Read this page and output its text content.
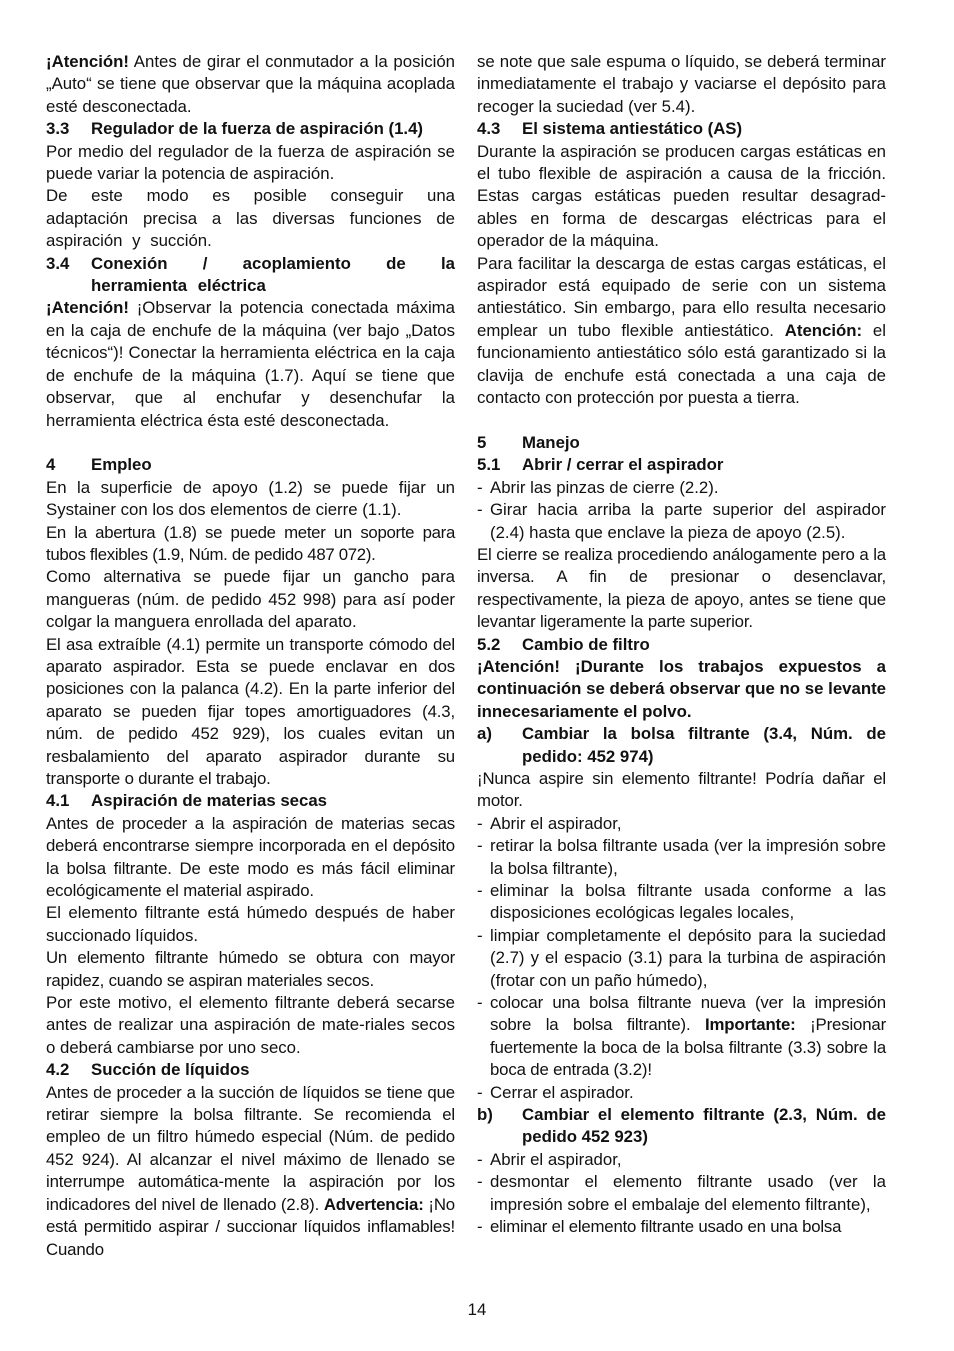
¡Atención! Antes de girar el conmutador a la posición „Auto“ se tiene que observar que la máquina acoplada esté desconectada.

3.3	Regulador de la fuerza de aspiración (1.4)

Por medio del regulador de la fuerza de aspiración se puede variar la potencia de aspiración.

De este modo es posible conseguir una adaptación precisa a las diversas funciones de aspiración y succión.

3.4	Conexión / acoplamiento de la herramienta eléctrica

¡Atención! ¡Observar la potencia conectada máxima en la caja de enchufe de la máquina (ver bajo „Datos técnicos“)! Conectar la herramienta eléctrica en la caja de enchufe de la máquina (1.7). Aquí se tiene que observar, que al enchufar y desenchufar la herramienta eléctrica ésta esté desconectada.

4	Empleo

En la superficie de apoyo (1.2) se puede fijar un Systainer con los dos elementos de cierre (1.1).

En la abertura (1.8) se puede meter un soporte para tubos flexibles (1.9, Núm. de pedido 487 072).

Como alternativa se puede fijar un gancho para mangueras (núm. de pedido 452 998) para así poder colgar la manguera enrollada del aparato.

El asa extraíble (4.1) permite un transporte cómodo del aparato aspirador. Esta se puede enclavar en dos posiciones con la palanca (4.2). En la parte inferior del aparato se pueden fijar topes amortiguadores (4.3, núm. de pedido 452 929), los cuales evitan un resbalamiento del aparato aspirador durante su transporte o durante el trabajo.

4.1	Aspiración de materias secas

Antes de proceder a la aspiración de materias secas deberá encontrarse siempre incorporada en el depósito la bolsa filtrante. De este modo es más fácil eliminar ecológicamente el material aspirado.

El elemento filtrante está húmedo después de haber succionado líquidos.

Un elemento filtrante húmedo se obtura con mayor rapidez, cuando se aspiran materiales secos.

Por este motivo, el elemento filtrante deberá secarse antes de realizar una aspiración de mate-riales secos o deberá cambiarse por uno seco.

4.2	Succión de líquidos

Antes de proceder a la succión de líquidos se tiene que retirar siempre la bolsa filtrante. Se recomienda el empleo de un filtro húmedo especial (Núm. de pedido 452 924). Al alcanzar el nivel máximo de llenado se interrumpe automática-mente la aspiración por los indicadores del nivel de llenado (2.8). Advertencia: ¡No está permitido aspirar / succionar líquidos inflamables! Cuando

se note que sale espuma o líquido, se deberá terminar inmediatamente el trabajo y vaciarse el depósito para recoger la suciedad (ver 5.4).

4.3	El sistema antiestático (AS)

Durante la aspiración se producen cargas estáticas en el tubo flexible de aspiración a causa de la fricción. Estas cargas estáticas pueden resultar desagrad-ables en forma de descargas eléctricas para el operador de la máquina.

Para facilitar la descarga de estas cargas estáticas, el aspirador está equipado de serie con un sistema antiestático. Sin embargo, para ello resulta necesario emplear un tubo flexible antiestático. Atención: el funcionamiento antiestático sólo está garantizado si la clavija de enchufe está conectada a una caja de contacto con protección por puesta a tierra.

5	Manejo
5.1	Abrir / cerrar el aspirador
- Abrir las pinzas de cierre (2.2).
- Girar hacia arriba la parte superior del aspirador (2.4) hasta que enclave la pieza de apoyo (2.5).

El cierre se realiza procediendo análogamente pero a la inversa. A fin de presionar o desenclavar, respectivamente, la pieza de apoyo, antes se tiene que levantar ligeramente la parte superior.

5.2	Cambio de filtro

¡Atención! ¡Durante los trabajos expuestos a continuación se deberá observar que no se levante innecesariamente el polvo.

a)	Cambiar la bolsa filtrante (3.4, Núm. de pedido: 452 974)

¡Nunca aspire sin elemento filtrante! Podría dañar el motor.

- Abrir el aspirador,
- retirar la bolsa filtrante usada (ver la impresión sobre la bolsa filtrante),
- eliminar la bolsa filtrante usada conforme a las disposiciones ecológicas legales locales,
- limpiar completamente el depósito para la suciedad (2.7) y el espacio (3.1) para la turbina de aspiración (frotar con un paño húmedo),
- colocar una bolsa filtrante nueva (ver la impresión sobre la bolsa filtrante). Importante: ¡Presionar fuertemente la boca de la bolsa filtrante (3.3) sobre la boca de entrada (3.2)!
- Cerrar el aspirador.
b)	Cambiar el elemento filtrante (2.3, Núm. de pedido 452 923)
- Abrir el aspirador,
- desmontar el elemento filtrante usado (ver la impresión sobre el embalaje del elemento filtrante),
- eliminar el elemento filtrante usado en una bolsa
14
